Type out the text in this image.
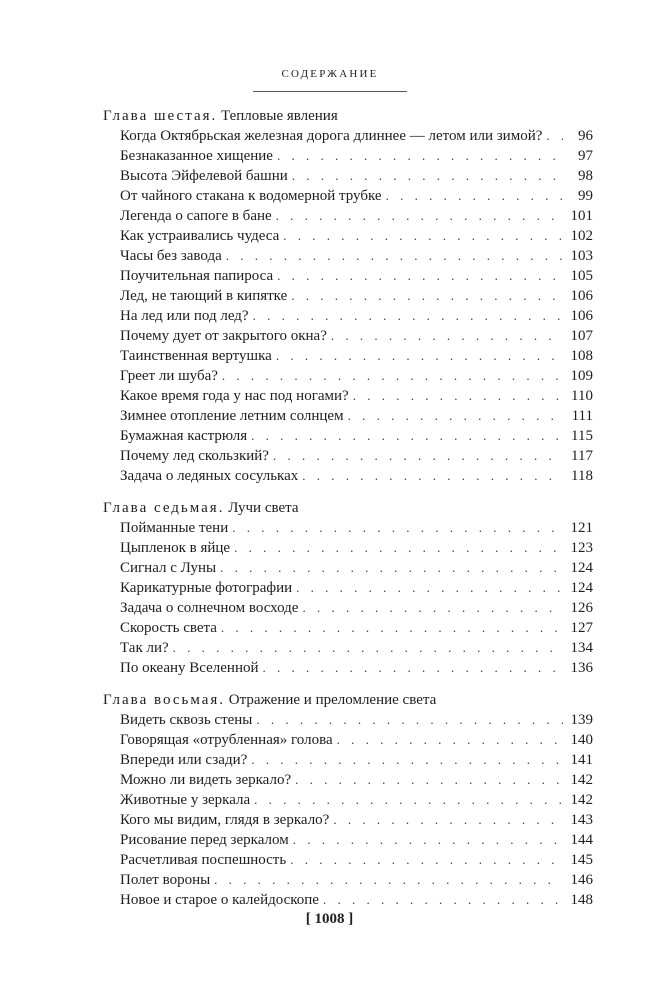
СОДЕРЖАНИЕ
Глава шестая. Тепловые явления
Когда Октябрьская железная дорога длиннее — летом или зимой? . . .	96
Безнаказанное хищение . . .	97
Высота Эйфелевой башни . . .	98
От чайного стакана к водомерной трубке . . .	99
Легенда о сапоге в бане . . .	101
Как устраивались чудеса . . .	102
Часы без завода . . .	103
Поучительная папироса . . .	105
Лед, не тающий в кипятке . . .	106
На лед или под лед? . . .	106
Почему дует от закрытого окна? . . .	107
Таинственная вертушка . . .	108
Греет ли шуба? . . .	109
Какое время года у нас под ногами? . . .	110
Зимнее отопление летним солнцем . . .	111
Бумажная кастрюля . . .	115
Почему лед скользкий? . . .	117
Задача о ледяных сосульках . . .	118
Глава седьмая. Лучи света
Пойманные тени . . .	121
Цыпленок в яйце . . .	123
Сигнал с Луны . . .	124
Карикатурные фотографии . . .	124
Задача о солнечном восходе . . .	126
Скорость света . . .	127
Так ли? . . .	134
По океану Вселенной . . .	136
Глава восьмая. Отражение и преломление света
Видеть сквозь стены . . .	139
Говорящая «отрубленная» голова . . .	140
Впереди или сзади? . . .	141
Можно ли видеть зеркало? . . .	142
Животные у зеркала . . .	142
Кого мы видим, глядя в зеркало? . . .	143
Рисование перед зеркалом . . .	144
Расчетливая поспешность . . .	145
Полет вороны . . .	146
Новое и старое о калейдоскопе . . .	148
[ 1008 ]
